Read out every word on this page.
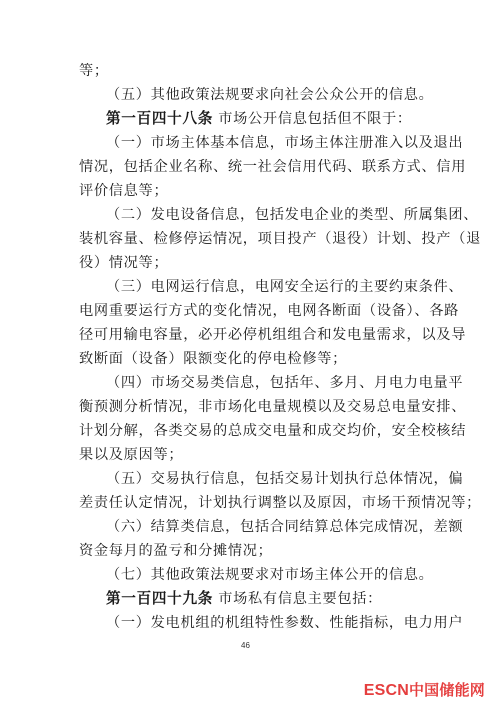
等；
（五）其他政策法规要求向社会公众公开的信息。
第一百四十八条 市场公开信息包括但不限于：
（一）市场主体基本信息，市场主体注册准入以及退出
情况，包括企业名称、统一社会信用代码、联系方式、信用
评价信息等；
（二）发电设备信息，包括发电企业的类型、所属集团、
装机容量、检修停运情况，项目投产（退役）计划、投产（退
役）情况等；
（三）电网运行信息，电网安全运行的主要约束条件、
电网重要运行方式的变化情况，电网各断面（设备）、各路
径可用输电容量，必开必停机组组合和发电量需求，以及导
致断面（设备）限额变化的停电检修等；
（四）市场交易类信息，包括年、多月、月电力电量平
衡预测分析情况，非市场化电量规模以及交易总电量安排、
计划分解，各类交易的总成交电量和成交均价，安全校核结
果以及原因等；
（五）交易执行信息，包括交易计划执行总体情况，偏
差责任认定情况，计划执行调整以及原因，市场干预情况等；
（六）结算类信息，包括合同结算总体完成情况，差额
资金每月的盈亏和分摊情况；
（七）其他政策法规要求对市场主体公开的信息。
第一百四十九条 市场私有信息主要包括：
（一）发电机组的机组特性参数、性能指标，电力用户
46
ESCN中国储能网
